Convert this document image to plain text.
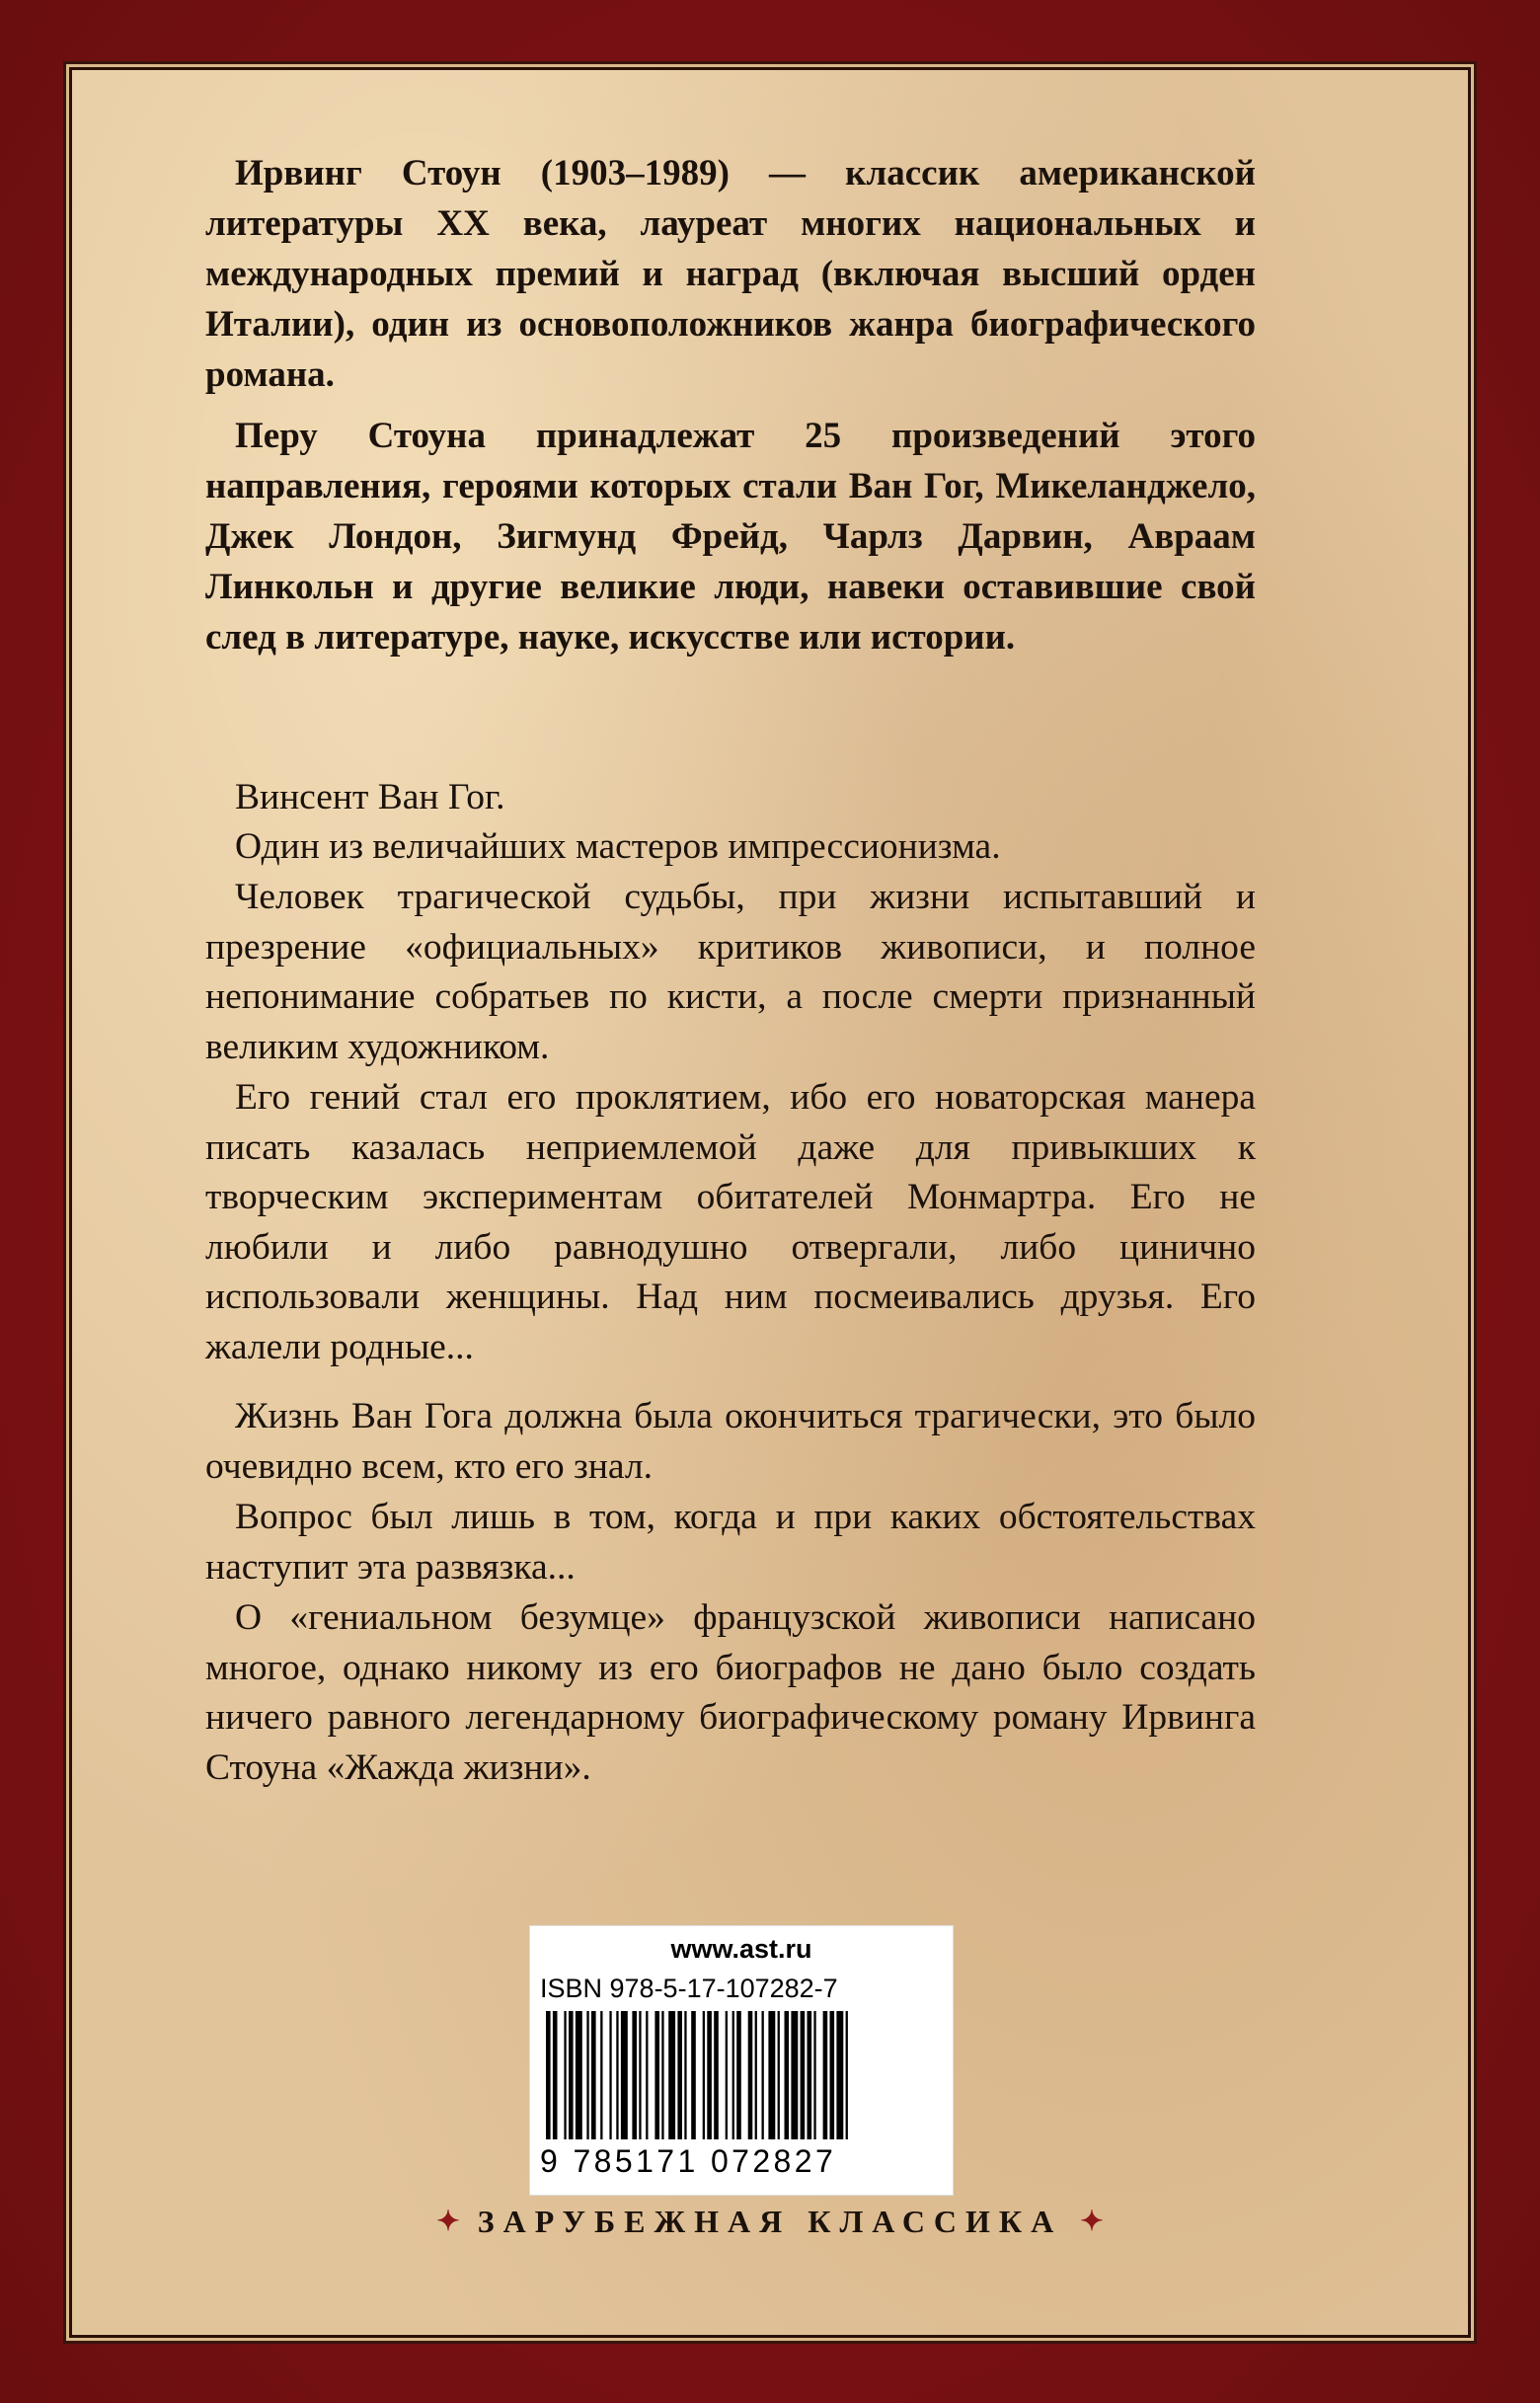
Ирвинг Стоун (1903–1989) — классик американской литературы XX века, лауреат многих национальных и международных премий и наград (включая высший орден Италии), один из основоположников жанра биографического романа.

Перу Стоуна принадлежат 25 произведений этого направления, героями которых стали Ван Гог, Микеланджело, Джек Лондон, Зигмунд Фрейд, Чарлз Дарвин, Авраам Линкольн и другие великие люди, навеки оставившие свой след в литературе, науке, искусстве или истории.

Винсент Ван Гог.

Один из величайших мастеров импрессионизма.

Человек трагической судьбы, при жизни испытавший и презрение «официальных» критиков живописи, и полное непонимание собратьев по кисти, а после смерти признанный великим художником.

Его гений стал его проклятием, ибо его новаторская манера писать казалась неприемлемой даже для привыкших к творческим экспериментам обитателей Монмартра. Его не любили и либо равнодушно отвергали, либо цинично использовали женщины. Над ним посмеивались друзья. Его жалели родные...

Жизнь Ван Гога должна была окончиться трагически, это было очевидно всем, кто его знал.

Вопрос был лишь в том, когда и при каких обстоятельствах наступит эта развязка...

О «гениальном безумце» французской живописи написано многое, однако никому из его биографов не дано было создать ничего равного легендарному биографическому роману Ирвинга Стоуна «Жажда жизни».

www.ast.ru
ISBN 978-5-17-107282-7
9 785171 072827
✦ ЗАРУБЕЖНАЯ КЛАССИКА ✦
